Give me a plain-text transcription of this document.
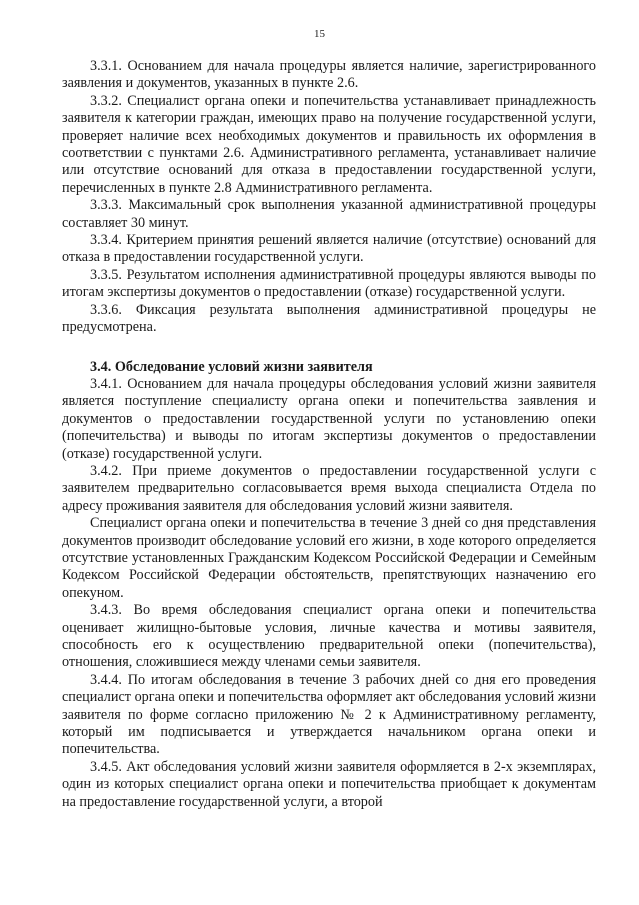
15

3.3.1. Основанием для начала процедуры является наличие, зарегистрированного заявления и документов, указанных в пункте 2.6.

3.3.2. Специалист органа опеки и попечительства устанавливает принадлежность заявителя к категории граждан, имеющих право на получение государственной услуги, проверяет наличие всех необходимых документов и правильность их оформления в соответствии с пунктами 2.6. Административного регламента, устанавливает наличие или отсутствие оснований для отказа в предоставлении государственной услуги, перечисленных в пункте 2.8 Административного регламента.

3.3.3. Максимальный срок выполнения указанной административной процедуры составляет 30 минут.

3.3.4. Критерием принятия решений является наличие (отсутствие) оснований для отказа в предоставлении государственной услуги.

3.3.5. Результатом исполнения административной процедуры являются выводы по итогам экспертизы документов о предоставлении (отказе) государственной услуги.

3.3.6. Фиксация результата выполнения административной процедуры не предусмотрена.

3.4. Обследование условий жизни заявителя

3.4.1. Основанием для начала процедуры обследования условий жизни заявителя является поступление специалисту органа опеки и попечительства заявления и документов о предоставлении государственной услуги по установлению опеки (попечительства) и выводы по итогам экспертизы документов о предоставлении (отказе) государственной услуги.

3.4.2. При приеме документов о предоставлении государственной услуги с заявителем предварительно согласовывается время выхода специалиста Отдела по адресу проживания заявителя для обследования условий жизни заявителя.

Специалист органа опеки и попечительства в течение 3 дней со дня представления документов производит обследование условий его жизни, в ходе которого определяется отсутствие установленных Гражданским Кодексом Российской Федерации и Семейным Кодексом Российской Федерации обстоятельств, препятствующих назначению его опекуном.

3.4.3. Во время обследования специалист органа опеки и попечительства оценивает жилищно-бытовые условия, личные качества и мотивы заявителя, способность его к осуществлению предварительной опеки (попечительства), отношения, сложившиеся между членами семьи заявителя.

3.4.4. По итогам обследования в течение 3 рабочих дней со дня его проведения специалист органа опеки и попечительства оформляет акт обследования условий жизни заявителя по форме согласно приложению № 2 к Административному регламенту, который им подписывается и утверждается начальником органа опеки и попечительства.

3.4.5. Акт обследования условий жизни заявителя оформляется в 2-х экземплярах, один из которых специалист органа опеки и попечительства приобщает к документам на предоставление государственной услуги, а второй
